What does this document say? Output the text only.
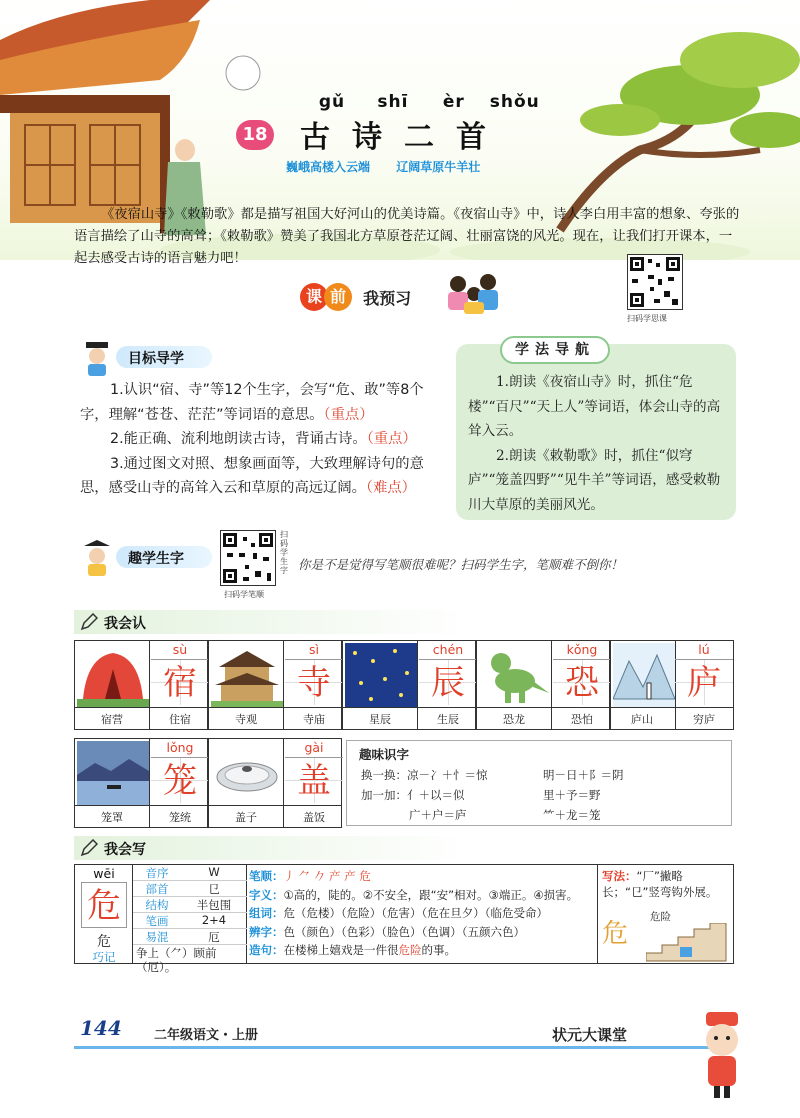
gǔ shī èr shǒu
18 古诗二首
巍峨高楼入云端 辽阔草原牛羊壮

《夜宿山寺》《敕勒歌》都是描写祖国大好河山的优美诗篇。《夜宿山寺》中，诗人李白用丰富的想象、夸张的语言描绘了山寺的高耸；《敕勒歌》赞美了我国北方草原苍茫辽阔、壮丽富饶的风光。现在，让我们打开课本，一起去感受古诗的语言魅力吧！

课 前 我预习
扫码学思课
目标导学

1.认识“宿、寺”等12个生字，会写“危、敢”等8个字，理解“苍苍、茫茫”等词语的意思。（重点）

2.能正确、流利地朗读古诗，背诵古诗。（重点）

3.通过图文对照、想象画面等，大致理解诗句的意思，感受山寺的高耸入云和草原的高远辽阔。（难点）

学法导航

1.朗读《夜宿山寺》时，抓住“危楼”“百尺”“天上人”等词语，体会山寺的高耸入云。

2.朗读《敕勒歌》时，抓住“似穹庐”“笼盖四野”“见牛羊”等词语，感受敕勒川大草原的美丽风光。

趣学生字
扫码学笔顺
扫码学生字 你是不是觉得写笔顺很难呢？扫码学生字，笔顺难不倒你！
我会认
sù
宿
宿营	住宿
sì
寺
寺观	寺庙
chén
辰
星辰	生辰
kǒng
恐
恐龙	恐怕
lú
庐
庐山	穷庐
lǒng
笼
笼罩	笼统
gài
盖
盖子	盖饭
趣味识字
换一换：凉－冫＋忄＝惊	明－日＋阝＝阴
加一加：亻＋以＝似	里＋予＝野
广＋户＝庐	⺮＋龙＝笼
我会写
wēi
危
危
巧记
音序	W
部首	㔾
结构	半包围
笔画	2+4
易混	厄
争上（⺈）顾前（厄）。
笔顺：丿 ⺈ 𠂊 产 产 危
字义：①高的，陡的。②不安全，跟“安”相对。③端正。④损害。
组词：危（危楼）（危险）（危害）（危在旦夕）（临危受命）
辨字：色（颜色）（色彩）（脸色）（色调）（五颜六色）
造句：在楼梯上嬉戏是一件很危险的事。
写法：“厂”撇略长；“㔾”竖弯钩外展。
危
危险
144 二年级语文・上册	状元大课堂
